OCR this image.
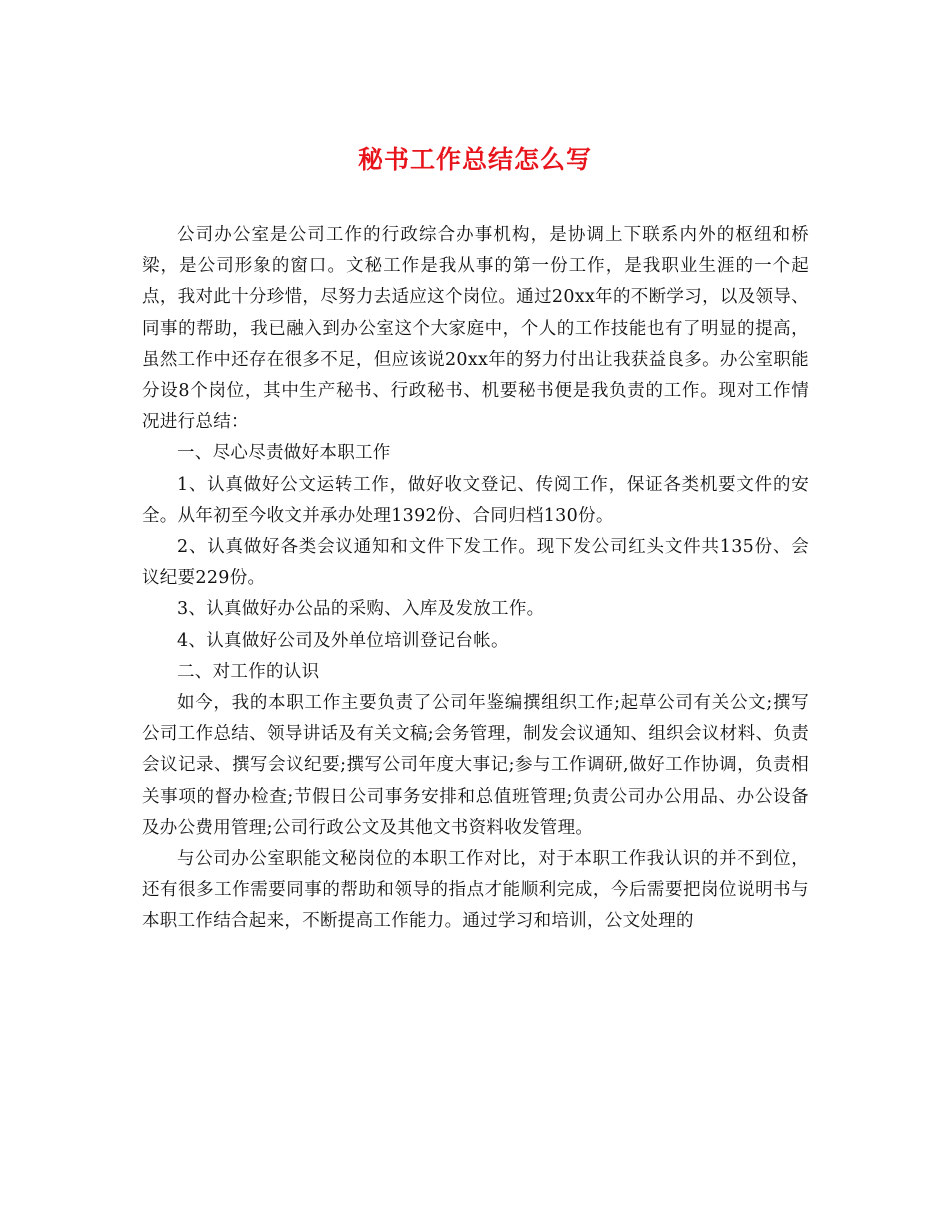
秘书工作总结怎么写

公司办公室是公司工作的行政综合办事机构，是协调上下联系内外的枢纽和桥梁，是公司形象的窗口。文秘工作是我从事的第一份工作，是我职业生涯的一个起点，我对此十分珍惜，尽努力去适应这个岗位。通过20xx年的不断学习，以及领导、同事的帮助，我已融入到办公室这个大家庭中，个人的工作技能也有了明显的提高，虽然工作中还存在很多不足，但应该说20xx年的努力付出让我获益良多。办公室职能分设8个岗位，其中生产秘书、行政秘书、机要秘书便是我负责的工作。现对工作情况进行总结：

一、尽心尽责做好本职工作

1、认真做好公文运转工作，做好收文登记、传阅工作，保证各类机要文件的安全。从年初至今收文并承办处理1392份、合同归档130份。

2、认真做好各类会议通知和文件下发工作。现下发公司红头文件共135份、会议纪要229份。

3、认真做好办公品的采购、入库及发放工作。

4、认真做好公司及外单位培训登记台帐。

二、对工作的认识

如今，我的本职工作主要负责了公司年鉴编撰组织工作;起草公司有关公文;撰写公司工作总结、领导讲话及有关文稿;会务管理，制发会议通知、组织会议材料、负责会议记录、撰写会议纪要;撰写公司年度大事记;参与工作调研,做好工作协调，负责相关事项的督办检查;节假日公司事务安排和总值班管理;负责公司办公用品、办公设备及办公费用管理;公司行政公文及其他文书资料收发管理。

与公司办公室职能文秘岗位的本职工作对比，对于本职工作我认识的并不到位，还有很多工作需要同事的帮助和领导的指点才能顺利完成，今后需要把岗位说明书与本职工作结合起来，不断提高工作能力。通过学习和培训，公文处理的
